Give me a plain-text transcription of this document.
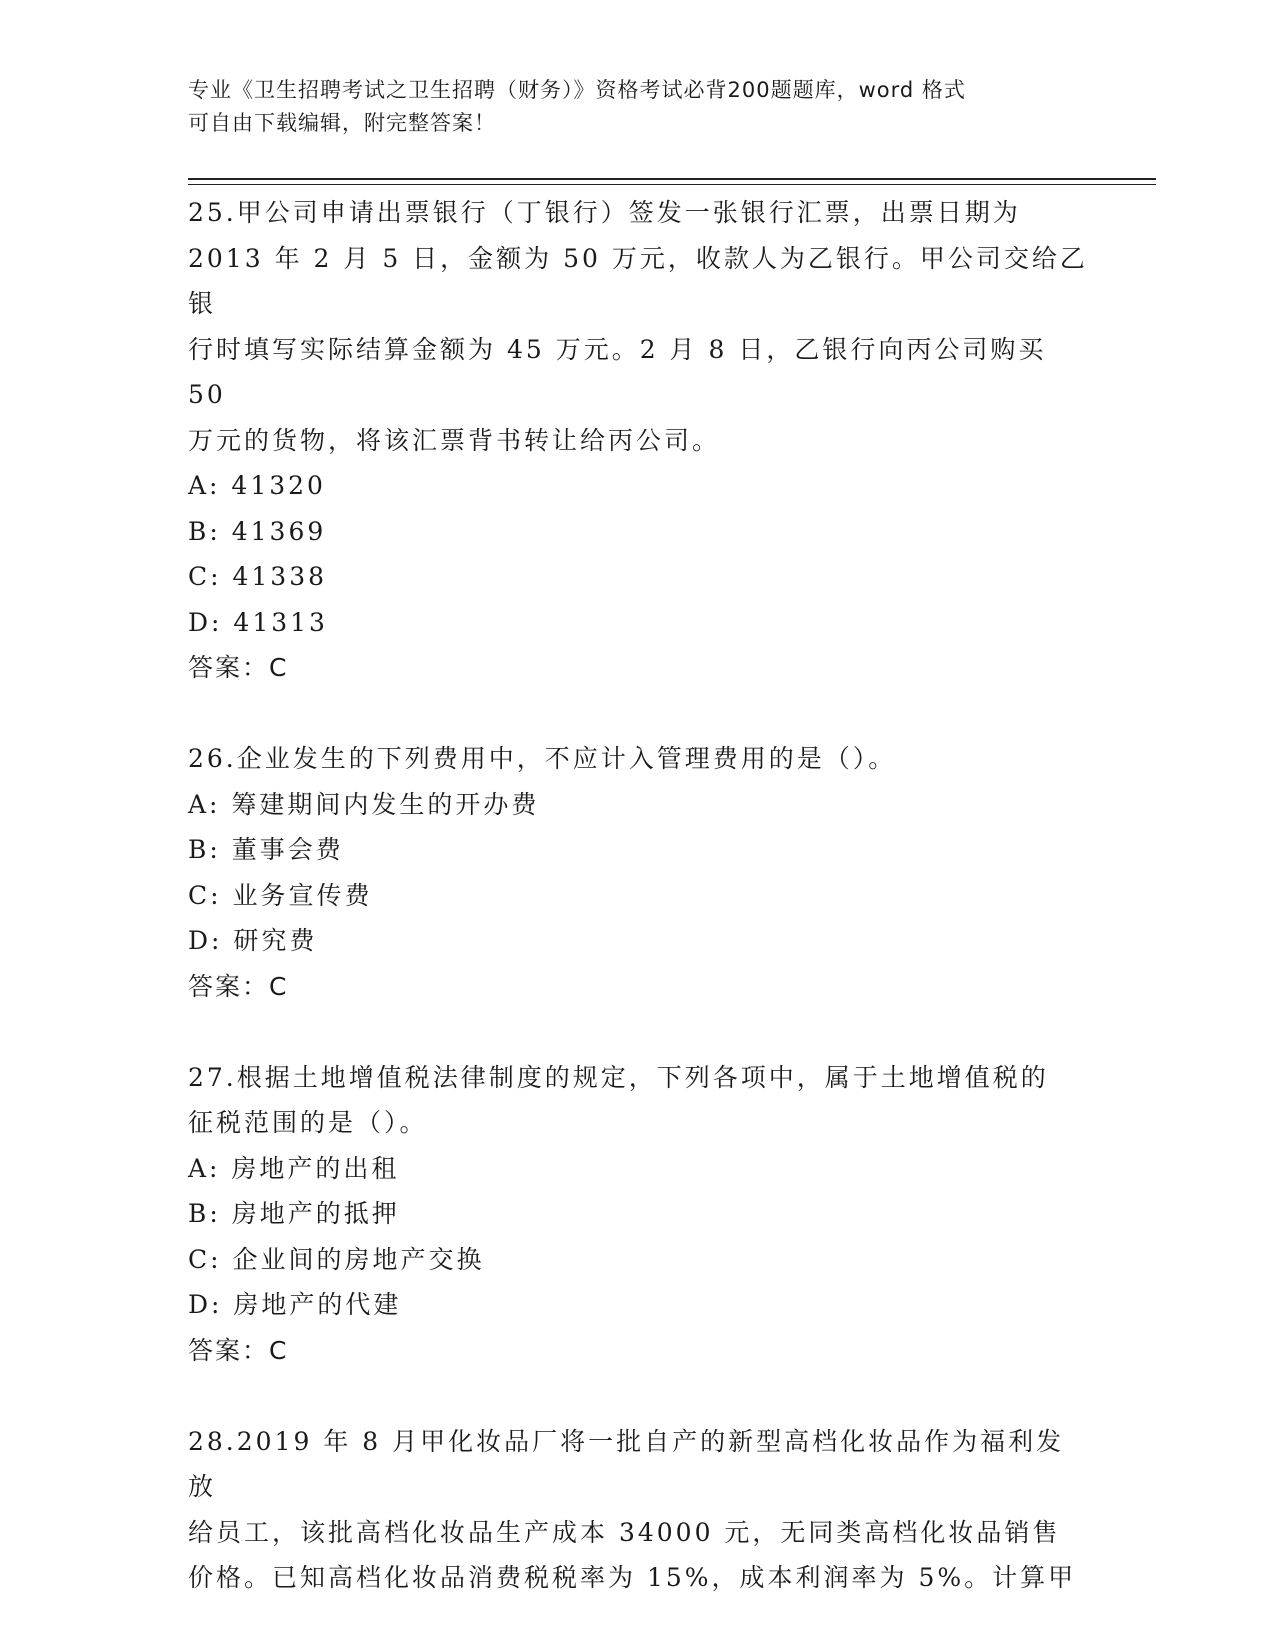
专业《卫生招聘考试之卫生招聘（财务）》资格考试必背200题题库，word 格式
可自由下载编辑，附完整答案！

25.甲公司申请出票银行（丁银行）签发一张银行汇票，出票日期为

2013 年 2 月 5 日，金额为 50 万元，收款人为乙银行。甲公司交给乙银

行时填写实际结算金额为 45 万元。2 月 8 日，乙银行向丙公司购买 50

万元的货物，将该汇票背书转让给丙公司。

A: 41320

B: 41369

C: 41338

D: 41313

答案：C

26.企业发生的下列费用中，不应计入管理费用的是（）。

A: 筹建期间内发生的开办费

B: 董事会费

C: 业务宣传费

D: 研究费

答案：C

27.根据土地增值税法律制度的规定，下列各项中，属于土地增值税的

征税范围的是（）。

A: 房地产的出租

B: 房地产的抵押

C: 企业间的房地产交换

D: 房地产的代建

答案：C

28.2019 年 8 月甲化妆品厂将一批自产的新型高档化妆品作为福利发放

给员工，该批高档化妆品生产成本 34000 元，无同类高档化妆品销售

价格。已知高档化妆品消费税税率为 15%，成本利润率为 5%。计算甲
